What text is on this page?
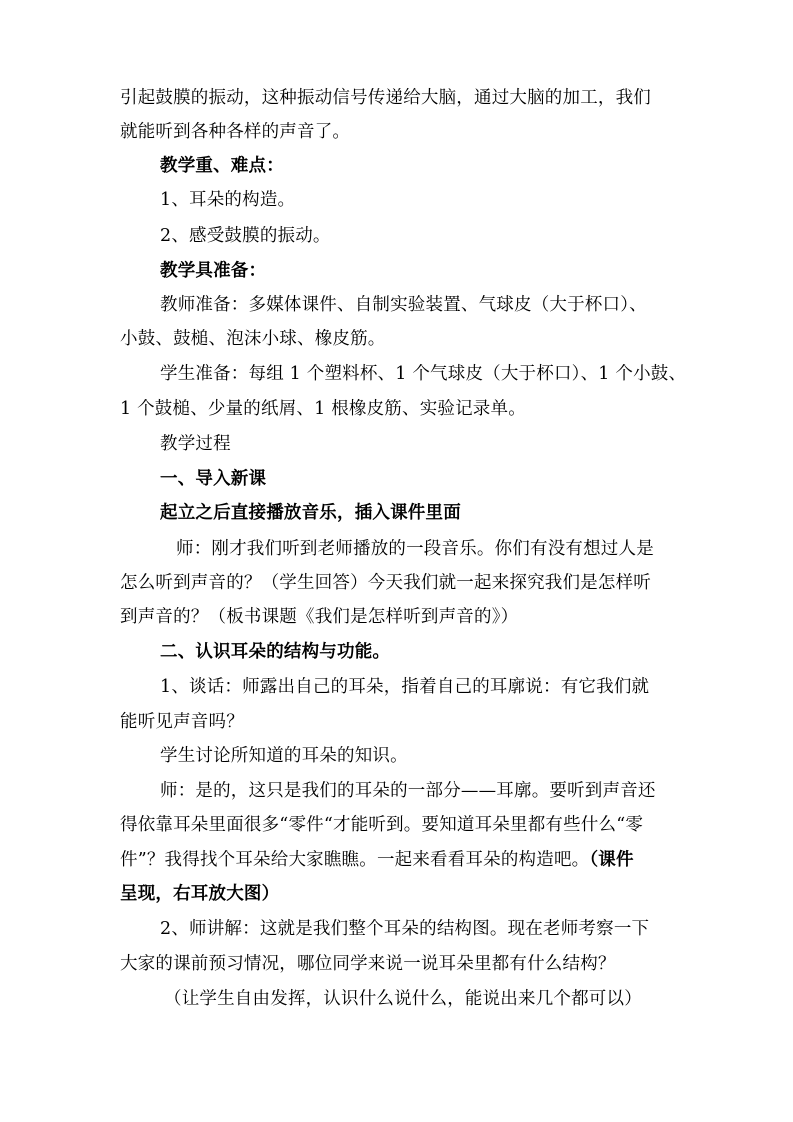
引起鼓膜的振动，这种振动信号传递给大脑，通过大脑的加工，我们
就能听到各种各样的声音了。
教学重、难点：
1、耳朵的构造。
2、感受鼓膜的振动。
教学具准备：
教师准备：多媒体课件、自制实验装置、气球皮（大于杯口）、
小鼓、鼓槌、泡沫小球、橡皮筋。
学生准备：每组 1 个塑料杯、1 个气球皮（大于杯口）、1 个小鼓、
1 个鼓槌、少量的纸屑、1 根橡皮筋、实验记录单。
教学过程
一、导入新课
起立之后直接播放音乐，插入课件里面
师：刚才我们听到老师播放的一段音乐。你们有没有想过人是
怎么听到声音的？（学生回答）今天我们就一起来探究我们是怎样听
到声音的？（板书课题《我们是怎样听到声音的》）
二、认识耳朵的结构与功能。
1、谈话：师露出自己的耳朵，指着自己的耳廓说：有它我们就
能听见声音吗？
学生讨论所知道的耳朵的知识。
师：是的，这只是我们的耳朵的一部分——耳廓。要听到声音还
得依靠耳朵里面很多“零件“才能听到。要知道耳朵里都有些什么“零
件”？我得找个耳朵给大家瞧瞧。一起来看看耳朵的构造吧。（课件
呈现，右耳放大图）
2、师讲解：这就是我们整个耳朵的结构图。现在老师考察一下
大家的课前预习情况，哪位同学来说一说耳朵里都有什么结构？
（让学生自由发挥，认识什么说什么，能说出来几个都可以）
